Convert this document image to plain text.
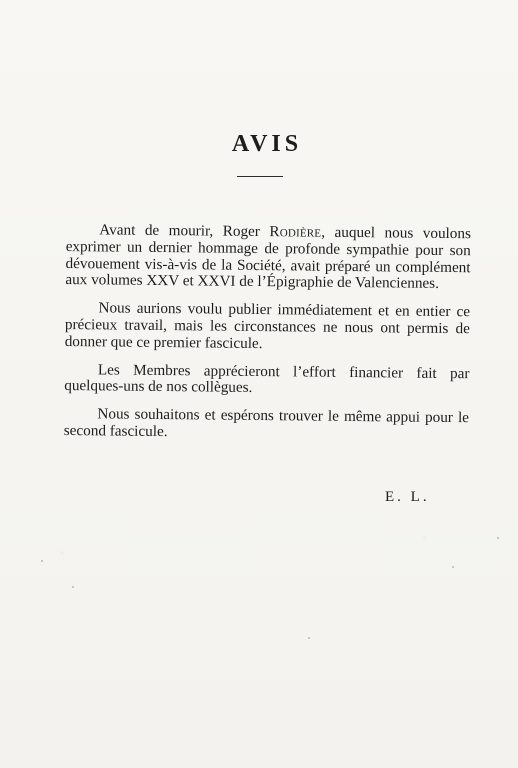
AVIS

Avant de mourir, Roger Rodière, auquel nous voulons exprimer un dernier hommage de profonde sympathie pour son dévouement vis-à-vis de la Société, avait préparé un complément aux volumes XXV et XXVI de l’Épigraphie de Valenciennes.

Nous aurions voulu publier immédiatement et en entier ce précieux travail, mais les circonstances ne nous ont permis de donner que ce premier fascicule.

Les Membres apprécieront l’effort financier fait par quelques-uns de nos collègues.

Nous souhaitons et espérons trouver le même appui pour le second fascicule.

E. L.
